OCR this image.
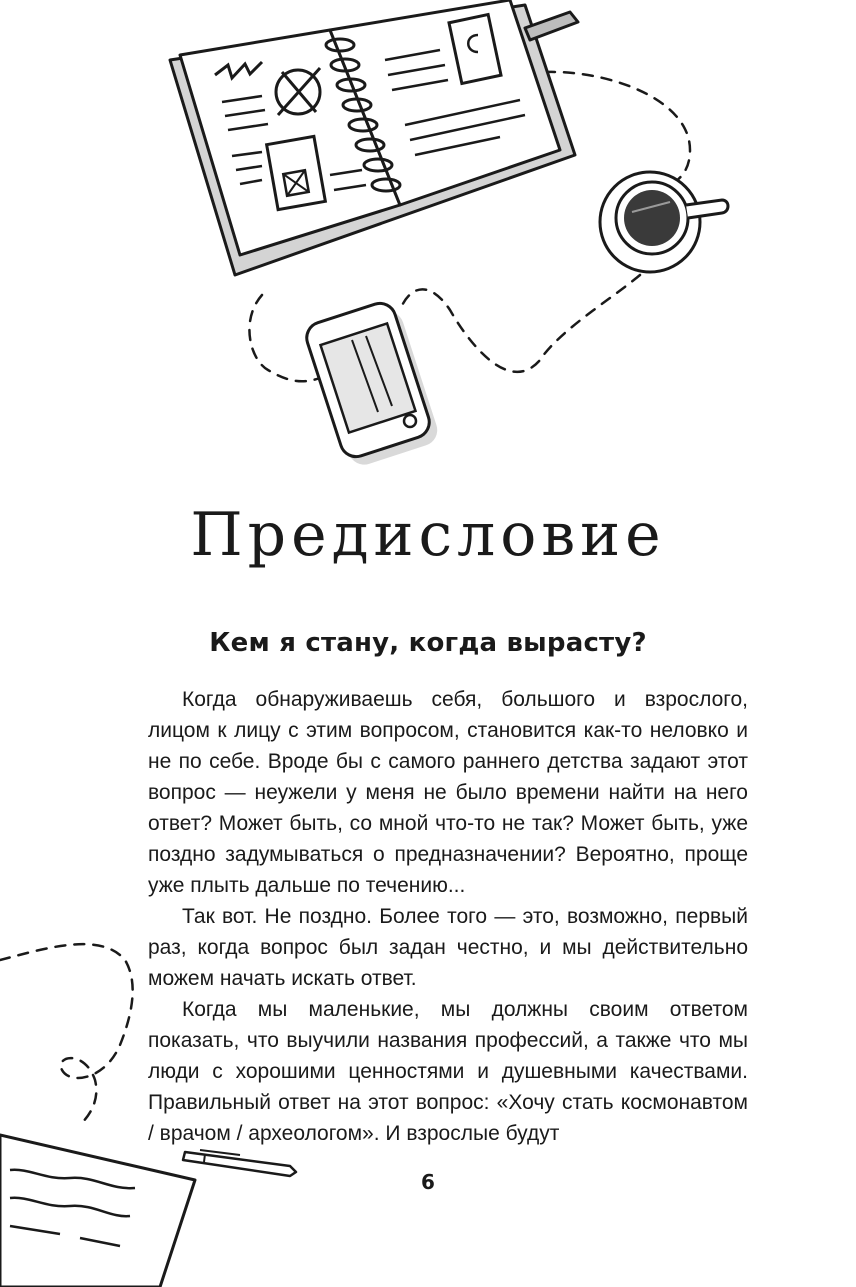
Предисловие
Кем я стану, когда вырасту?

Когда обнаруживаешь себя, большого и взрослого, лицом к лицу с этим вопросом, становится как-то неловко и не по себе. Вроде бы с самого раннего детства задают этот вопрос — неужели у меня не было времени найти на него ответ? Может быть, со мной что-то не так? Может быть, уже поздно задумываться о предназначении? Вероятно, проще уже плыть дальше по течению...

Так вот. Не поздно. Более того — это, возможно, первый раз, когда вопрос был задан честно, и мы действительно можем начать искать ответ.

Когда мы маленькие, мы должны своим ответом показать, что выучили названия профессий, а также что мы люди с хорошими ценностями и душевными качествами. Правильный ответ на этот вопрос: «Хочу стать космонавтом / врачом / археологом». И взрослые будут

6
